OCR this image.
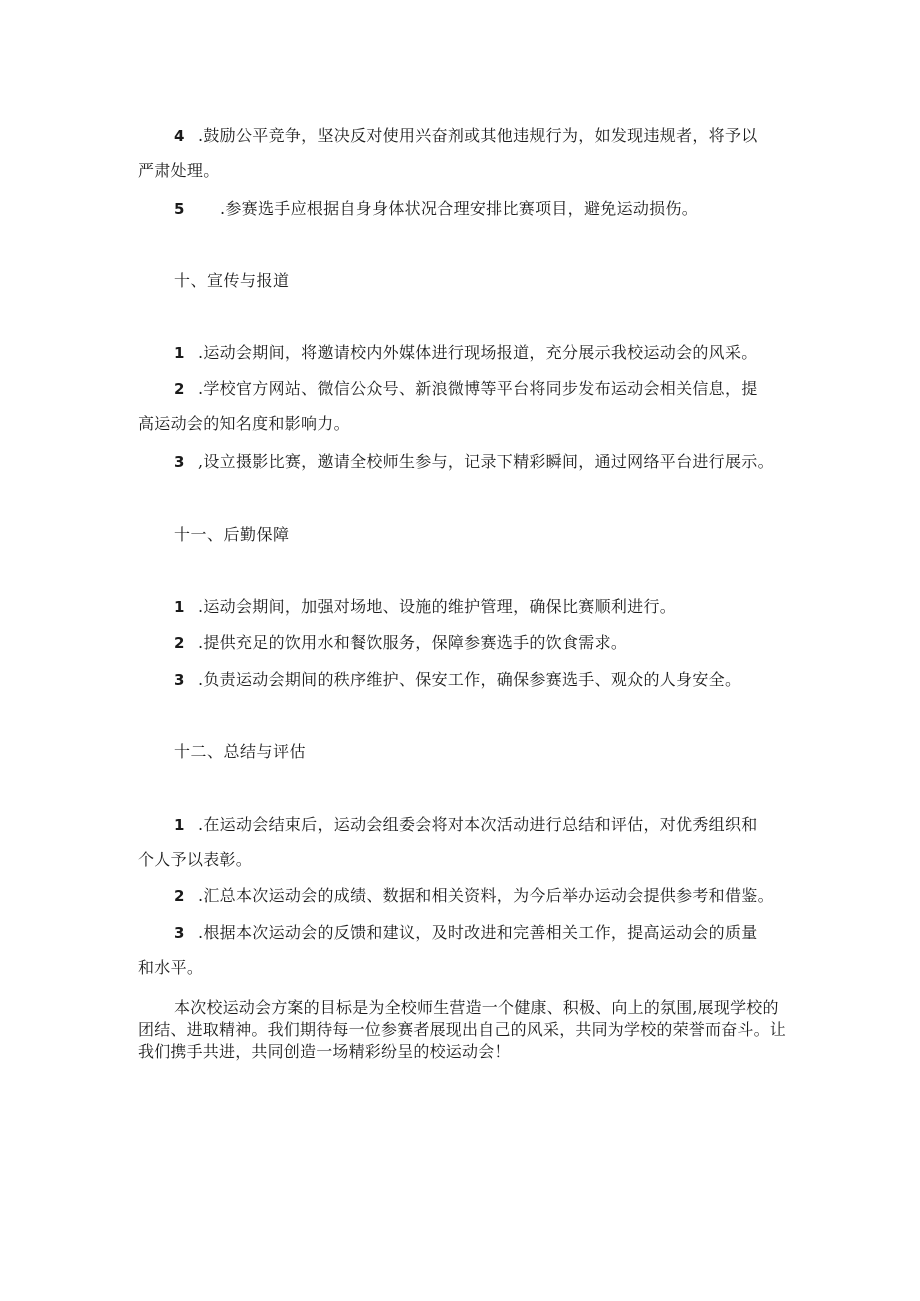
4 .鼓励公平竞争，坚决反对使用兴奋剂或其他违规行为，如发现违规者，将予以
严肃处理。
5 .参赛选手应根据自身身体状况合理安排比赛项目，避免运动损伤。
十、宣传与报道
1 .运动会期间，将邀请校内外媒体进行现场报道，充分展示我校运动会的风采。
2 .学校官方网站、微信公众号、新浪微博等平台将同步发布运动会相关信息，提
高运动会的知名度和影响力。
3 ,设立摄影比赛，邀请全校师生参与，记录下精彩瞬间，通过网络平台进行展示。
十一、后勤保障
1 .运动会期间，加强对场地、设施的维护管理，确保比赛顺利进行。
2 .提供充足的饮用水和餐饮服务，保障参赛选手的饮食需求。
3 .负责运动会期间的秩序维护、保安工作，确保参赛选手、观众的人身安全。
十二、总结与评估
1 .在运动会结束后，运动会组委会将对本次活动进行总结和评估，对优秀组织和
个人予以表彰。
2 .汇总本次运动会的成绩、数据和相关资料，为今后举办运动会提供参考和借鉴。
3 .根据本次运动会的反馈和建议，及时改进和完善相关工作，提高运动会的质量
和水平。
本次校运动会方案的目标是为全校师生营造一个健康、积极、向上的氛围,展现学校的团结、进取精神。我们期待每一位参赛者展现出自己的风采，共同为学校的荣誉而奋斗。让我们携手共进，共同创造一场精彩纷呈的校运动会！
